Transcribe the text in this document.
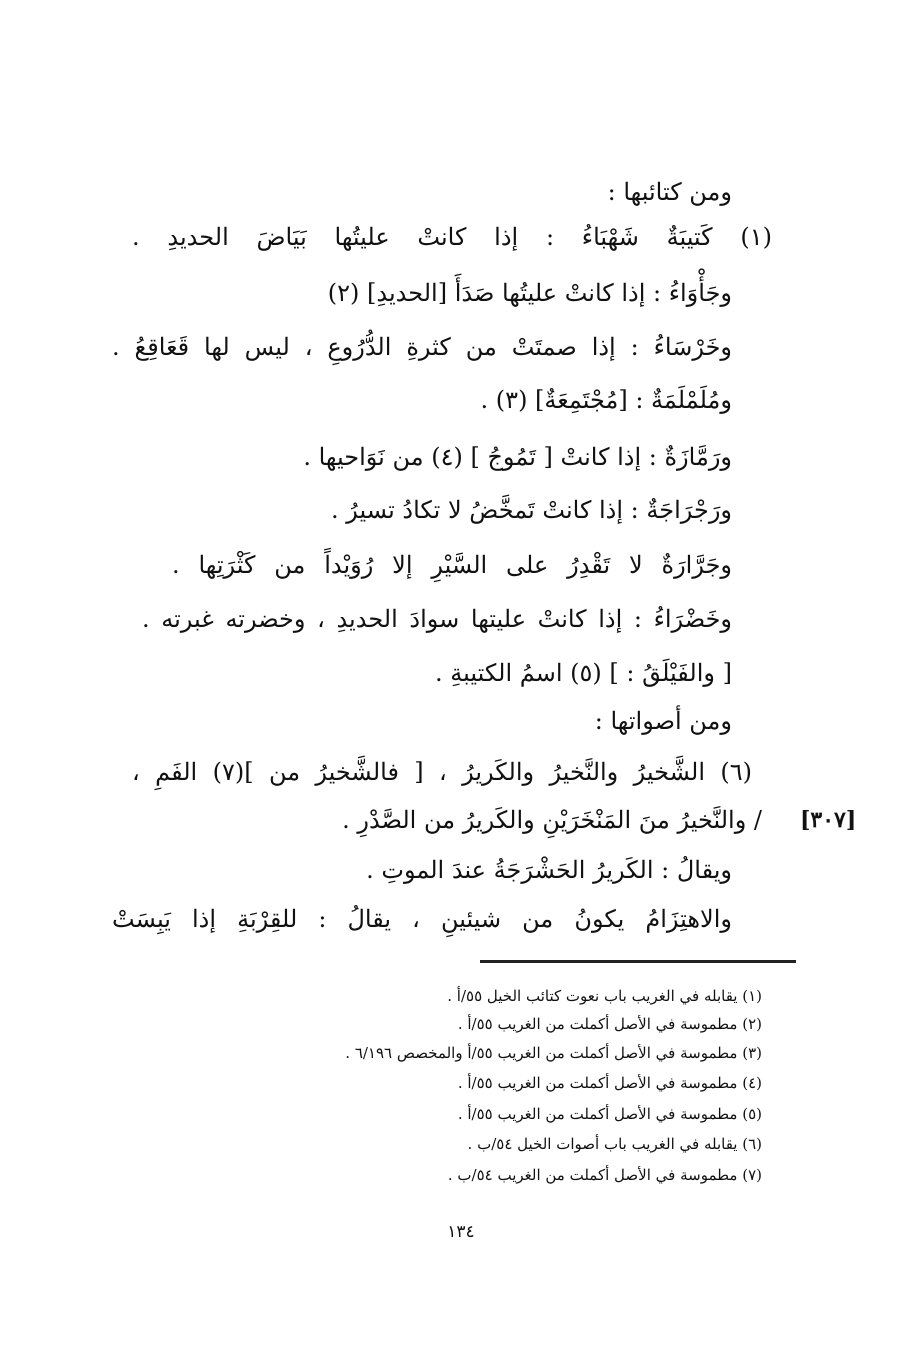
ومن كتائبها :
(١) كَتيبَةٌ شَهْبَاءُ : إذا كانتْ عليتُها بَيَاضَ الحديدِ .
وجَأْوَاءُ : إذا كانتْ عليتُها صَدَأَ [الحديدِ] (٢)
وخَرْسَاءُ : إذا صمتَتْ من كثرةِ الدُّرُوعِ ، ليس لها قَعَاقِعُ .
ومُلَمْلَمَةٌ : [مُجْتَمِعَةٌ] (٣) .
ورَمَّازَةٌ : إذا كانتْ [ تَمُوجُ ] (٤) من نَوَاحيها .
ورَجْرَاجَةٌ : إذا كانتْ تَمخَّضُ لا تكادُ تسيرُ .
وجَرَّارَةٌ لا تَقْدِرُ على السَّيْرِ إلا رُوَيْداً من كَثْرَتِها .
وخَضْرَاءُ : إذا كانتْ عليتها سوادَ الحديدِ ، وخضرته غبرته .
[ والفَيْلَقُ : ] (٥) اسمُ الكتيبةِ .
ومن أصواتها :
(٦) الشَّخيرُ والنَّخيرُ والكَريرُ ، [ فالشَّخيرُ من ](٧) الفَمِ ،
/ والنَّخيرُ منَ المَنْخَرَيْنِ والكَريرُ من الصَّدْرِ .
ويقالُ : الكَريرُ الحَشْرَجَةُ عندَ الموتِ .
والاهتِزَامُ يكونُ من شيئينِ ، يقالُ : للقِرْبَةِ إذا يَبِسَتْ
[٣٠٧]
(١) يقابله في الغريب باب نعوت كتائب الخيل ٥٥/أ .
(٢) مطموسة في الأصل أكملت من الغريب ٥٥/أ .
(٣) مطموسة في الأصل أكملت من الغريب ٥٥/أ والمخصص ٦/١٩٦ .
(٤) مطموسة في الأصل أكملت من الغريب ٥٥/أ .
(٥) مطموسة في الأصل أكملت من الغريب ٥٥/أ .
(٦) يقابله في الغريب باب أصوات الخيل ٥٤/ب .
(٧) مطموسة في الأصل أكملت من الغريب ٥٤/ب .
١٣٤
